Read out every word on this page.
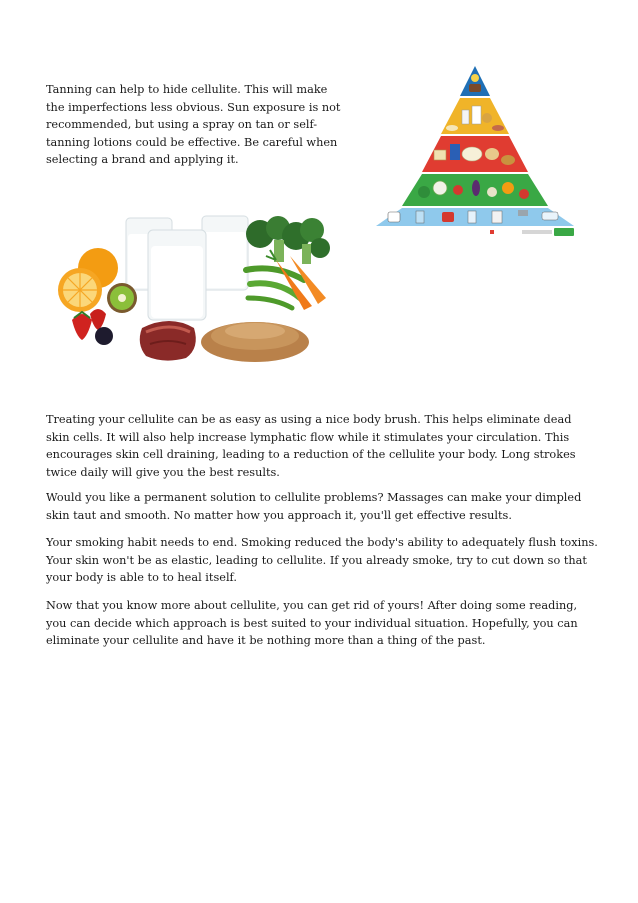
Tanning can help to hide cellulite. This will make the imperfections less obvious. Sun exposure is not recommended, but using a spray on tan or self-tanning lotions could be effective. Be careful when selecting a brand and applying it.

Treating your cellulite can be as easy as using a nice body brush. This helps eliminate dead skin cells. It will also help increase lymphatic flow while it stimulates your circulation. This encourages skin cell draining, leading to a reduction of the cellulite your body. Long strokes twice daily will give you the best results.

Would you like a permanent solution to cellulite problems? Massages can make your dimpled skin taut and smooth. No matter how you approach it, you'll get effective results.

Your smoking habit needs to end. Smoking reduced the body's ability to adequately flush toxins. Your skin won't be as elastic, leading to cellulite. If you already smoke, try to cut down so that your body is able to to heal itself.

Now that you know more about cellulite, you can get rid of yours! After doing some reading, you can decide which approach is best suited to your individual situation. Hopefully, you can eliminate your cellulite and have it be nothing more than a thing of the past.
